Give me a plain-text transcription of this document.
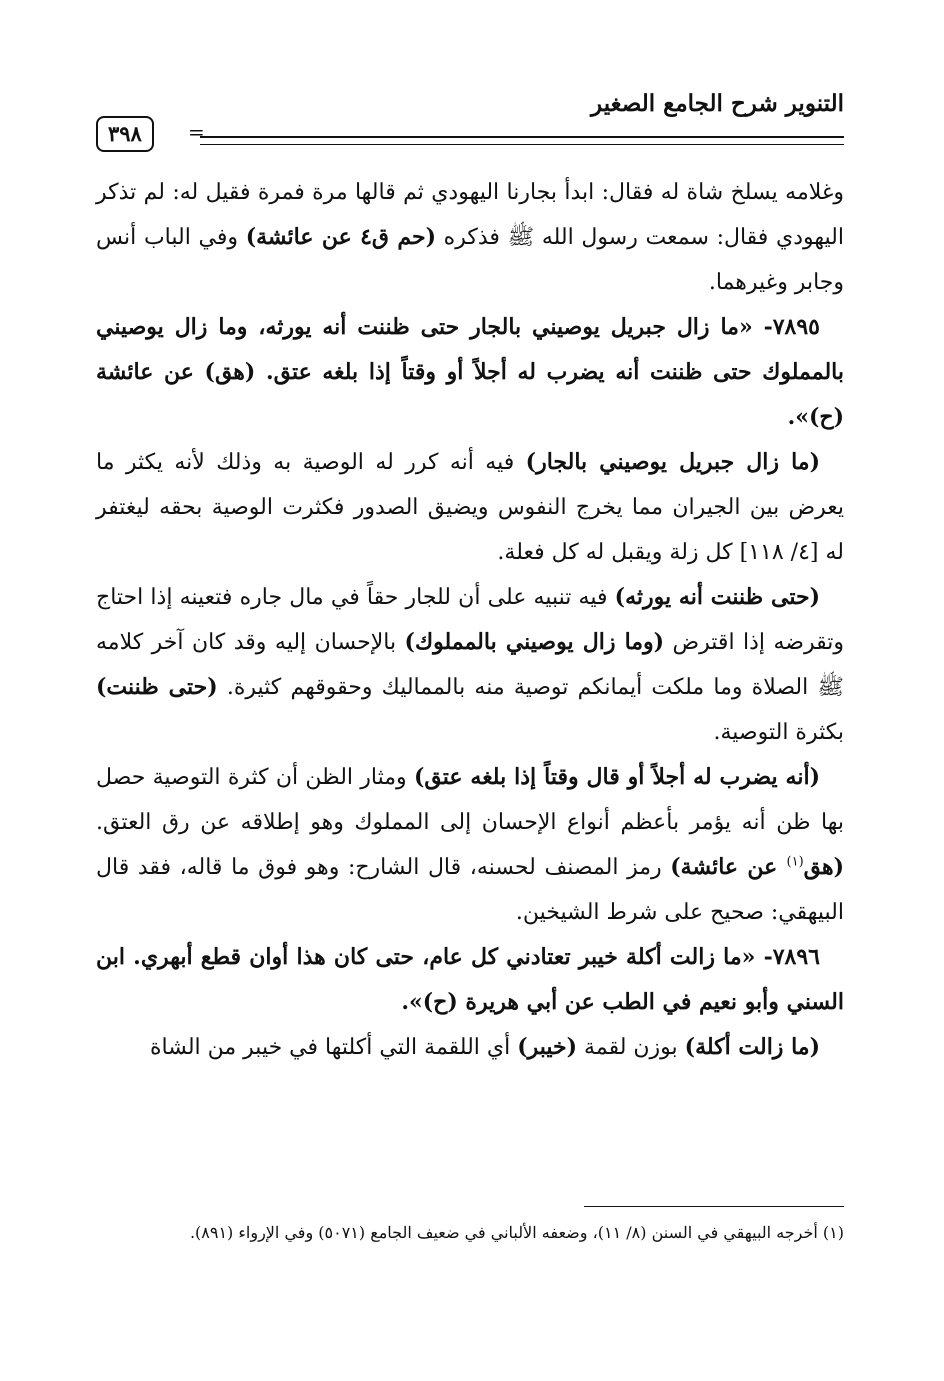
التنوير شرح الجامع الصغير
٣٩٨	=

وغلامه يسلخ شاة له فقال: ابدأ بجارنا اليهودي ثم قالها مرة فمرة فقيل له: لم تذكر اليهودي فقال: سمعت رسول الله ﷺ فذكره (حم ق٤ عن عائشة) وفي الباب أنس وجابر وغيرهما.

٧٨٩٥- «ما زال جبريل يوصيني بالجار حتى ظننت أنه يورثه، وما زال يوصيني بالمملوك حتى ظننت أنه يضرب له أجلاً أو وقتاً إذا بلغه عتق. (هق) عن عائشة (ح)».

(ما زال جبريل يوصيني بالجار) فيه أنه كرر له الوصية به وذلك لأنه يكثر ما يعرض بين الجيران مما يخرج النفوس ويضيق الصدور فكثرت الوصية بحقه ليغتفر له [٤/ ١١٨] كل زلة ويقبل له كل فعلة.

(حتى ظننت أنه يورثه) فيه تنبيه على أن للجار حقاً في مال جاره فتعينه إذا احتاج وتقرضه إذا اقترض (وما زال يوصيني بالمملوك) بالإحسان إليه وقد كان آخر كلامه ﷺ الصلاة وما ملكت أيمانكم توصية منه بالمماليك وحقوقهم كثيرة. (حتى ظننت) بكثرة التوصية.

(أنه يضرب له أجلاً أو قال وقتاً إذا بلغه عتق) ومثار الظن أن كثرة التوصية حصل بها ظن أنه يؤمر بأعظم أنواع الإحسان إلى المملوك وهو إطلاقه عن رق العتق. (هق$^{(١)}$ عن عائشة) رمز المصنف لحسنه، قال الشارح: وهو فوق ما قاله، فقد قال البيهقي: صحيح على شرط الشيخين.

٧٨٩٦- «ما زالت أكلة خيبر تعتادني كل عام، حتى كان هذا أوان قطع أبهري. ابن السني وأبو نعيم في الطب عن أبي هريرة (ح)».

(ما زالت أكلة) بوزن لقمة (خيبر) أي اللقمة التي أكلتها في خيبر من الشاة

(١) أخرجه البيهقي في السنن (٨/ ١١)، وضعفه الألباني في ضعيف الجامع (٥٠٧١) وفي الإرواء (٨٩١).
